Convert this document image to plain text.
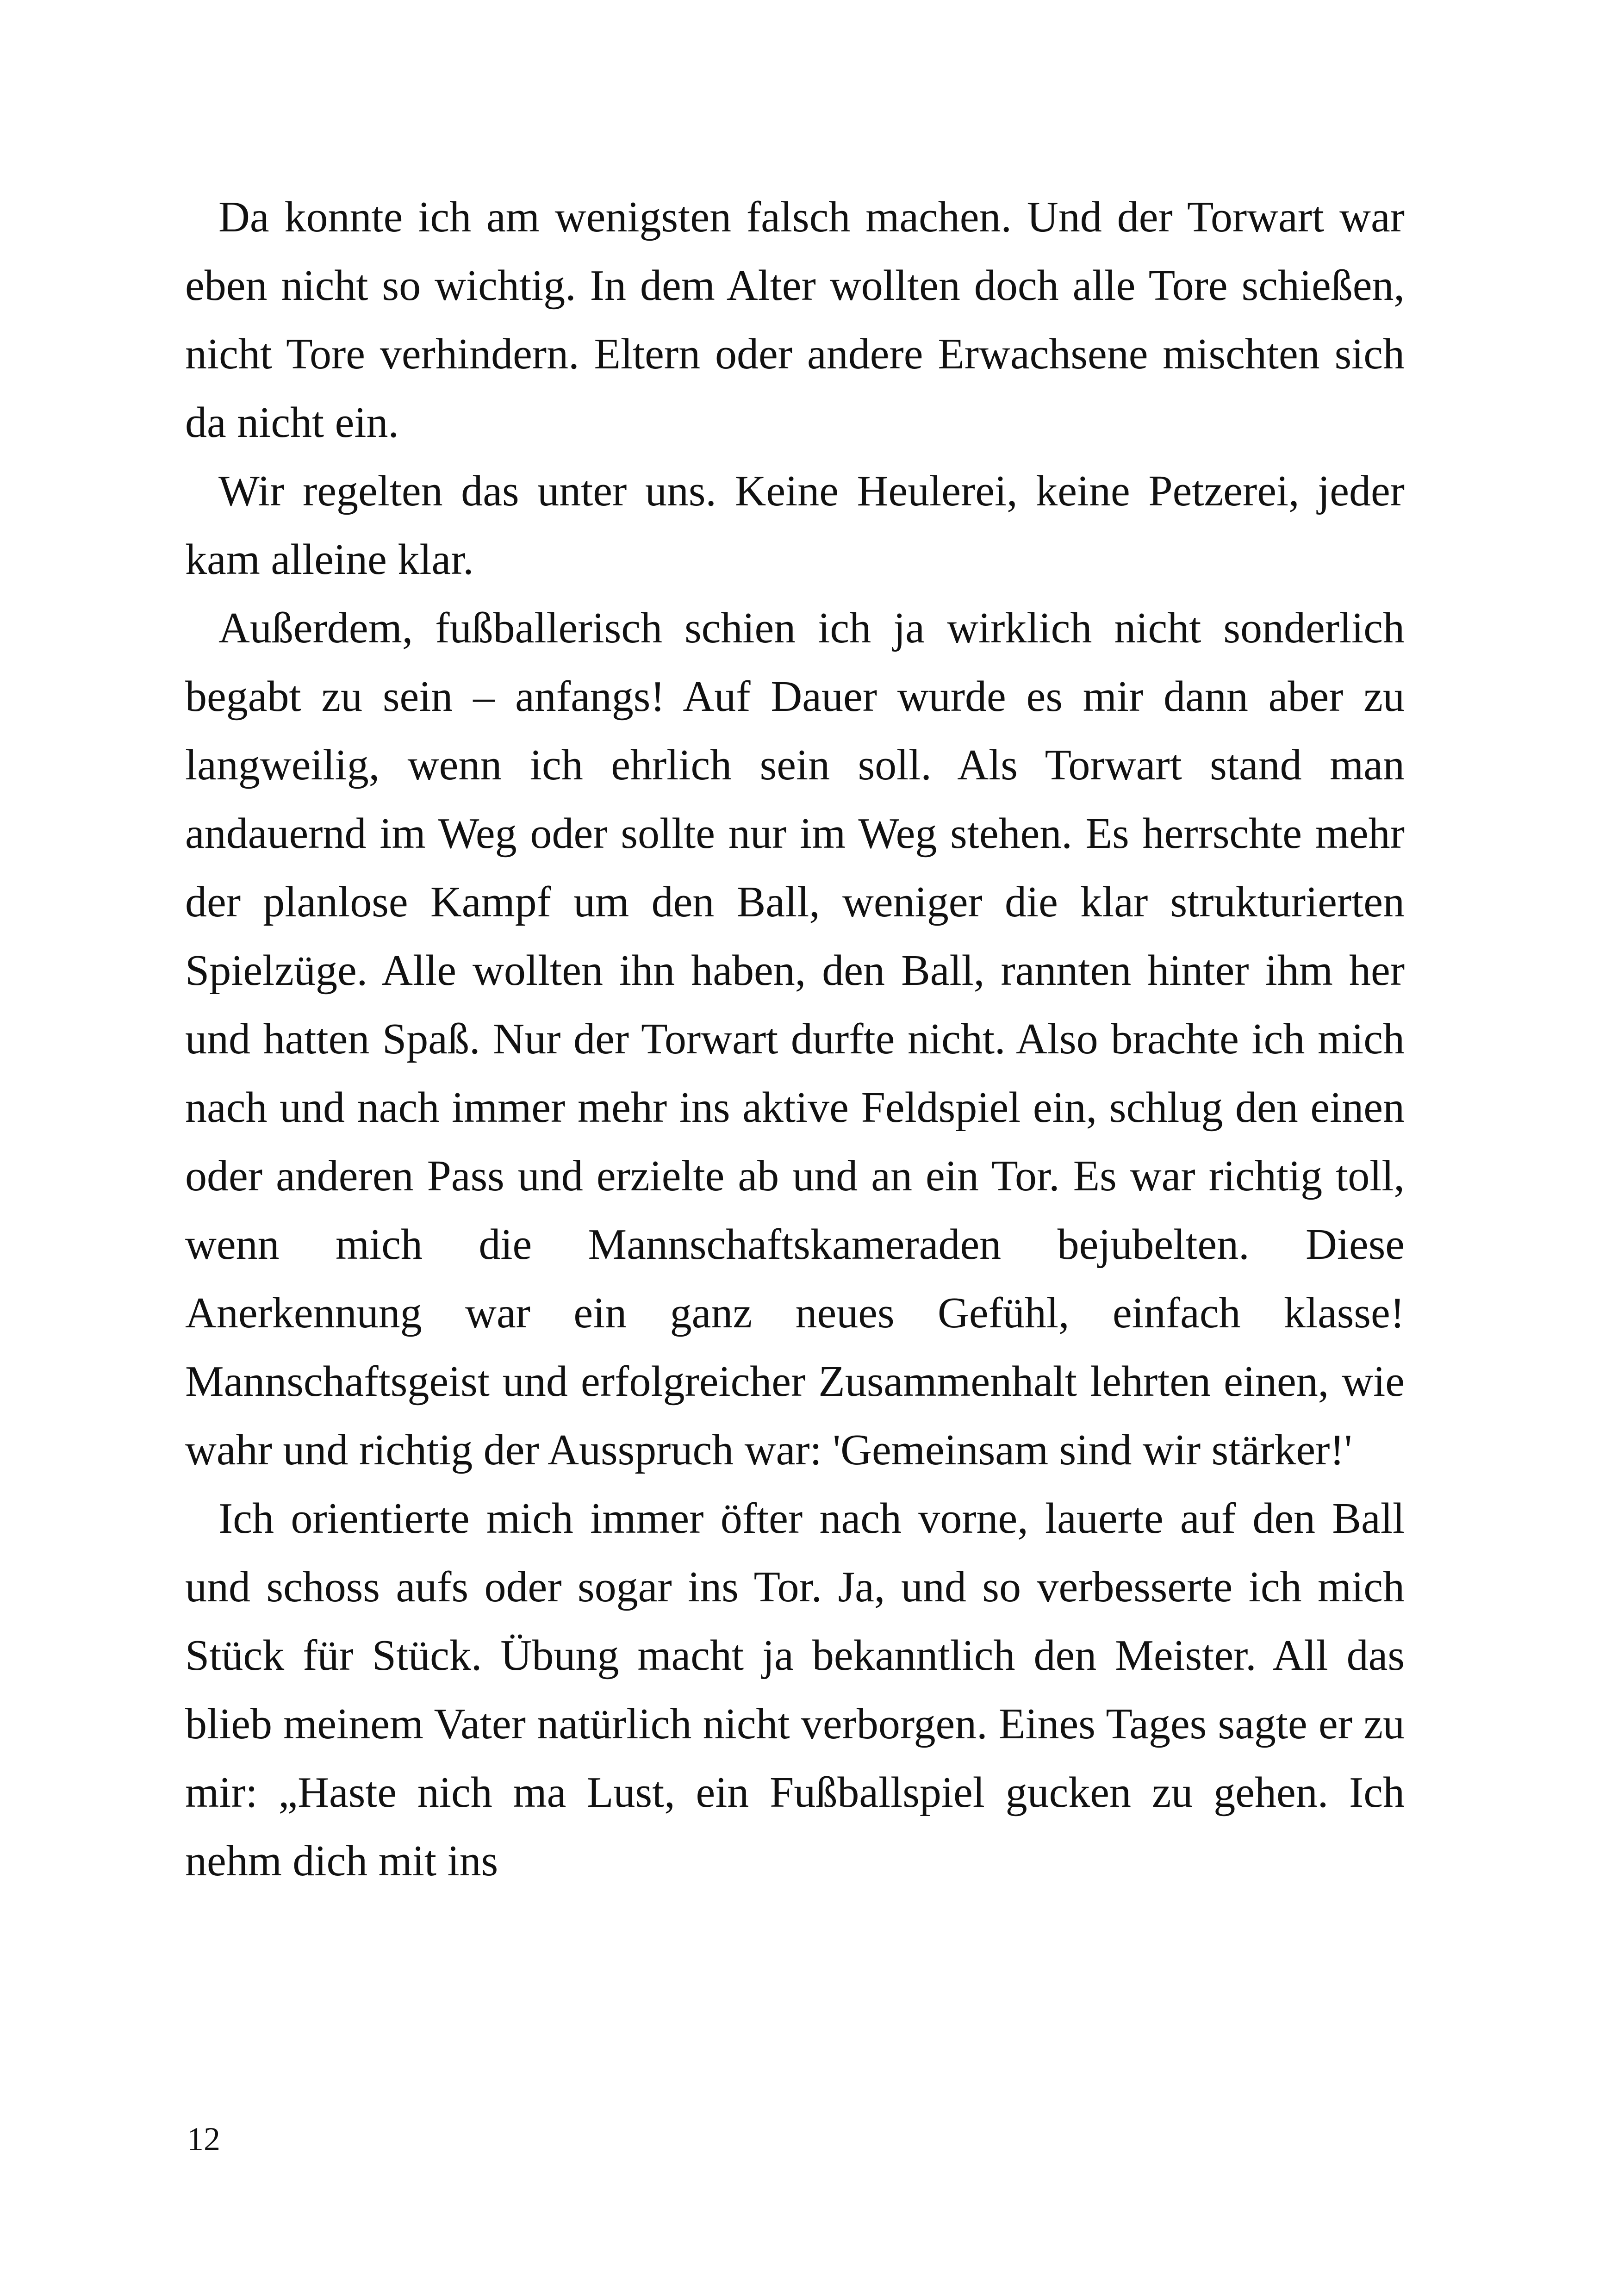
Da konnte ich am wenigsten falsch machen. Und der Torwart war eben nicht so wichtig. In dem Alter wollten doch alle Tore schießen, nicht Tore verhindern. Eltern oder andere Erwachsene mischten sich da nicht ein.

Wir regelten das unter uns. Keine Heulerei, keine Petzerei, jeder kam alleine klar.

Außerdem, fußballerisch schien ich ja wirklich nicht sonderlich begabt zu sein – anfangs! Auf Dauer wurde es mir dann aber zu langweilig, wenn ich ehrlich sein soll. Als Torwart stand man andauernd im Weg oder sollte nur im Weg stehen. Es herrschte mehr der planlose Kampf um den Ball, weniger die klar strukturierten Spielzüge. Alle wollten ihn haben, den Ball, rannten hinter ihm her und hatten Spaß. Nur der Torwart durfte nicht. Also brachte ich mich nach und nach immer mehr ins aktive Feldspiel ein, schlug den einen oder anderen Pass und erzielte ab und an ein Tor. Es war richtig toll, wenn mich die Mannschaftskameraden bejubelten. Diese Anerkennung war ein ganz neues Gefühl, einfach klasse! Mannschaftsgeist und erfolgreicher Zusammenhalt lehrten einen, wie wahr und richtig der Ausspruch war: 'Gemeinsam sind wir stärker!'

Ich orientierte mich immer öfter nach vorne, lauerte auf den Ball und schoss aufs oder sogar ins Tor. Ja, und so verbesserte ich mich Stück für Stück. Übung macht ja bekanntlich den Meister. All das blieb meinem Vater natürlich nicht verborgen. Eines Tages sagte er zu mir: „Haste nich ma Lust, ein Fußballspiel gucken zu gehen. Ich nehm dich mit ins

12
